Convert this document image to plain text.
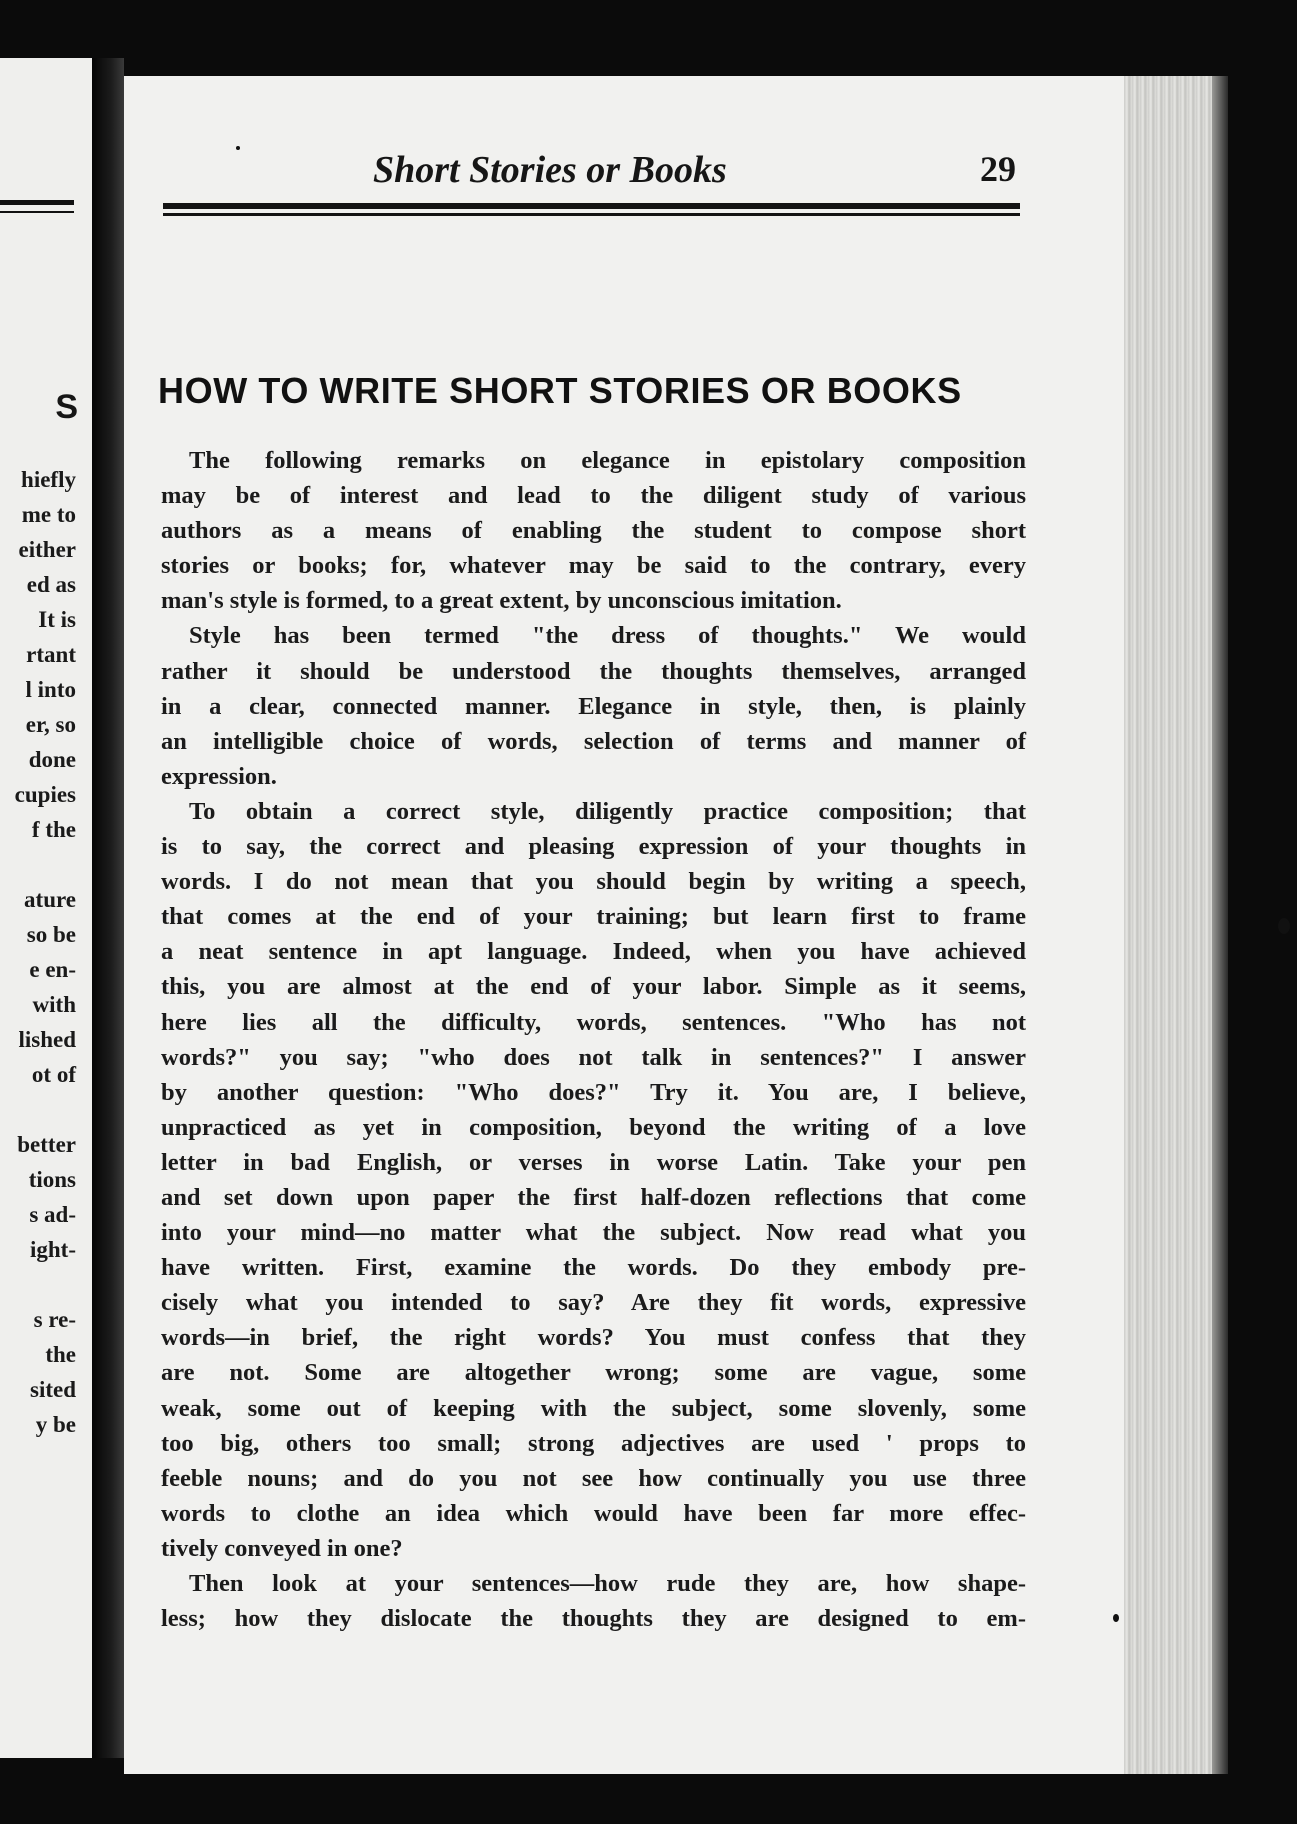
S
hiefly
me to
either
ed as
It is
rtant
l into
er, so
done
cupies
f the
ature
so be
e en-
with
lished
ot of
better
tions
s ad-
ight-
s re-
the
sited
y be
Short Stories or Books	29
HOW TO WRITE SHORT STORIES OR BOOKS
The following remarks on elegance in epistolary composition
may be of interest and lead to the diligent study of various
authors as a means of enabling the student to compose short
stories or books; for, whatever may be said to the contrary, every
man's style is formed, to a great extent, by unconscious imitation.
Style has been termed "the dress of thoughts." We would
rather it should be understood the thoughts themselves, arranged
in a clear, connected manner. Elegance in style, then, is plainly
an intelligible choice of words, selection of terms and manner of
expression.
To obtain a correct style, diligently practice composition; that
is to say, the correct and pleasing expression of your thoughts in
words. I do not mean that you should begin by writing a speech,
that comes at the end of your training; but learn first to frame
a neat sentence in apt language. Indeed, when you have achieved
this, you are almost at the end of your labor. Simple as it seems,
here lies all the difficulty, words, sentences. "Who has not
words?" you say; "who does not talk in sentences?" I answer
by another question: "Who does?" Try it. You are, I believe,
unpracticed as yet in composition, beyond the writing of a love
letter in bad English, or verses in worse Latin. Take your pen
and set down upon paper the first half-dozen reflections that come
into your mind—no matter what the subject. Now read what you
have written. First, examine the words. Do they embody pre-
cisely what you intended to say? Are they fit words, expressive
words—in brief, the right words? You must confess that they
are not. Some are altogether wrong; some are vague, some
weak, some out of keeping with the subject, some slovenly, some
too big, others too small; strong adjectives are used ' props to
feeble nouns; and do you not see how continually you use three
words to clothe an idea which would have been far more effec-
tively conveyed in one?
Then look at your sentences—how rude they are, how shape-
less; how they dislocate the thoughts they are designed to em-
